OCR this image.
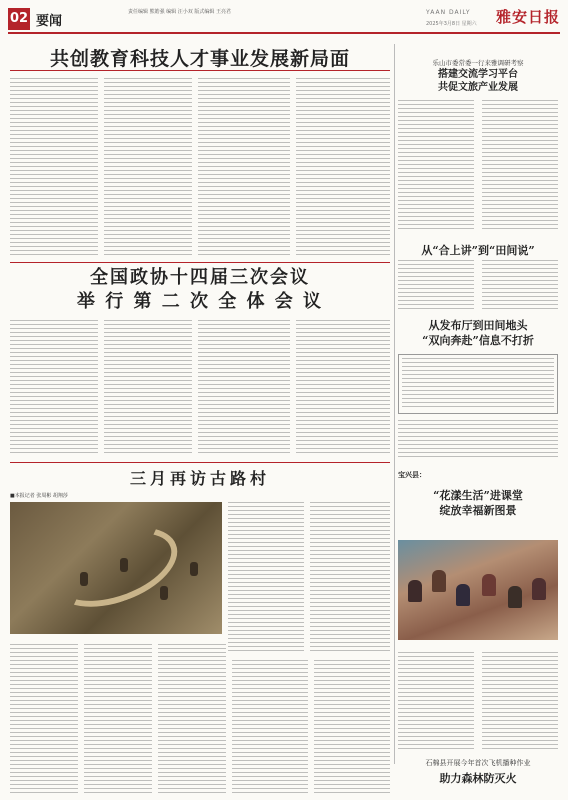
02 要闻
责任编辑 熊皓强 编辑 汪小双 版式编辑 王亮君	YAAN DAILY
2025年3月8日 星期六 雅安日报
共创教育科技人才事业发展新局面	乐山市委常委一行来雅调研考察
搭建交流学习平台
共促文旅产业发展
从“合上讲”到“田间说”
从发布厅到田间地头
“双向奔赴”信息不打折
宝兴县：
“花漾生活”进课堂
绽放幸福新图景
石棉县开展今年首次飞机播种作业
助力森林防灭火
全国政协十四届三次会议
举 行 第 二 次 全 体 会 议
三月再访古路村
■本报记者 张周彬 胡翔莎
